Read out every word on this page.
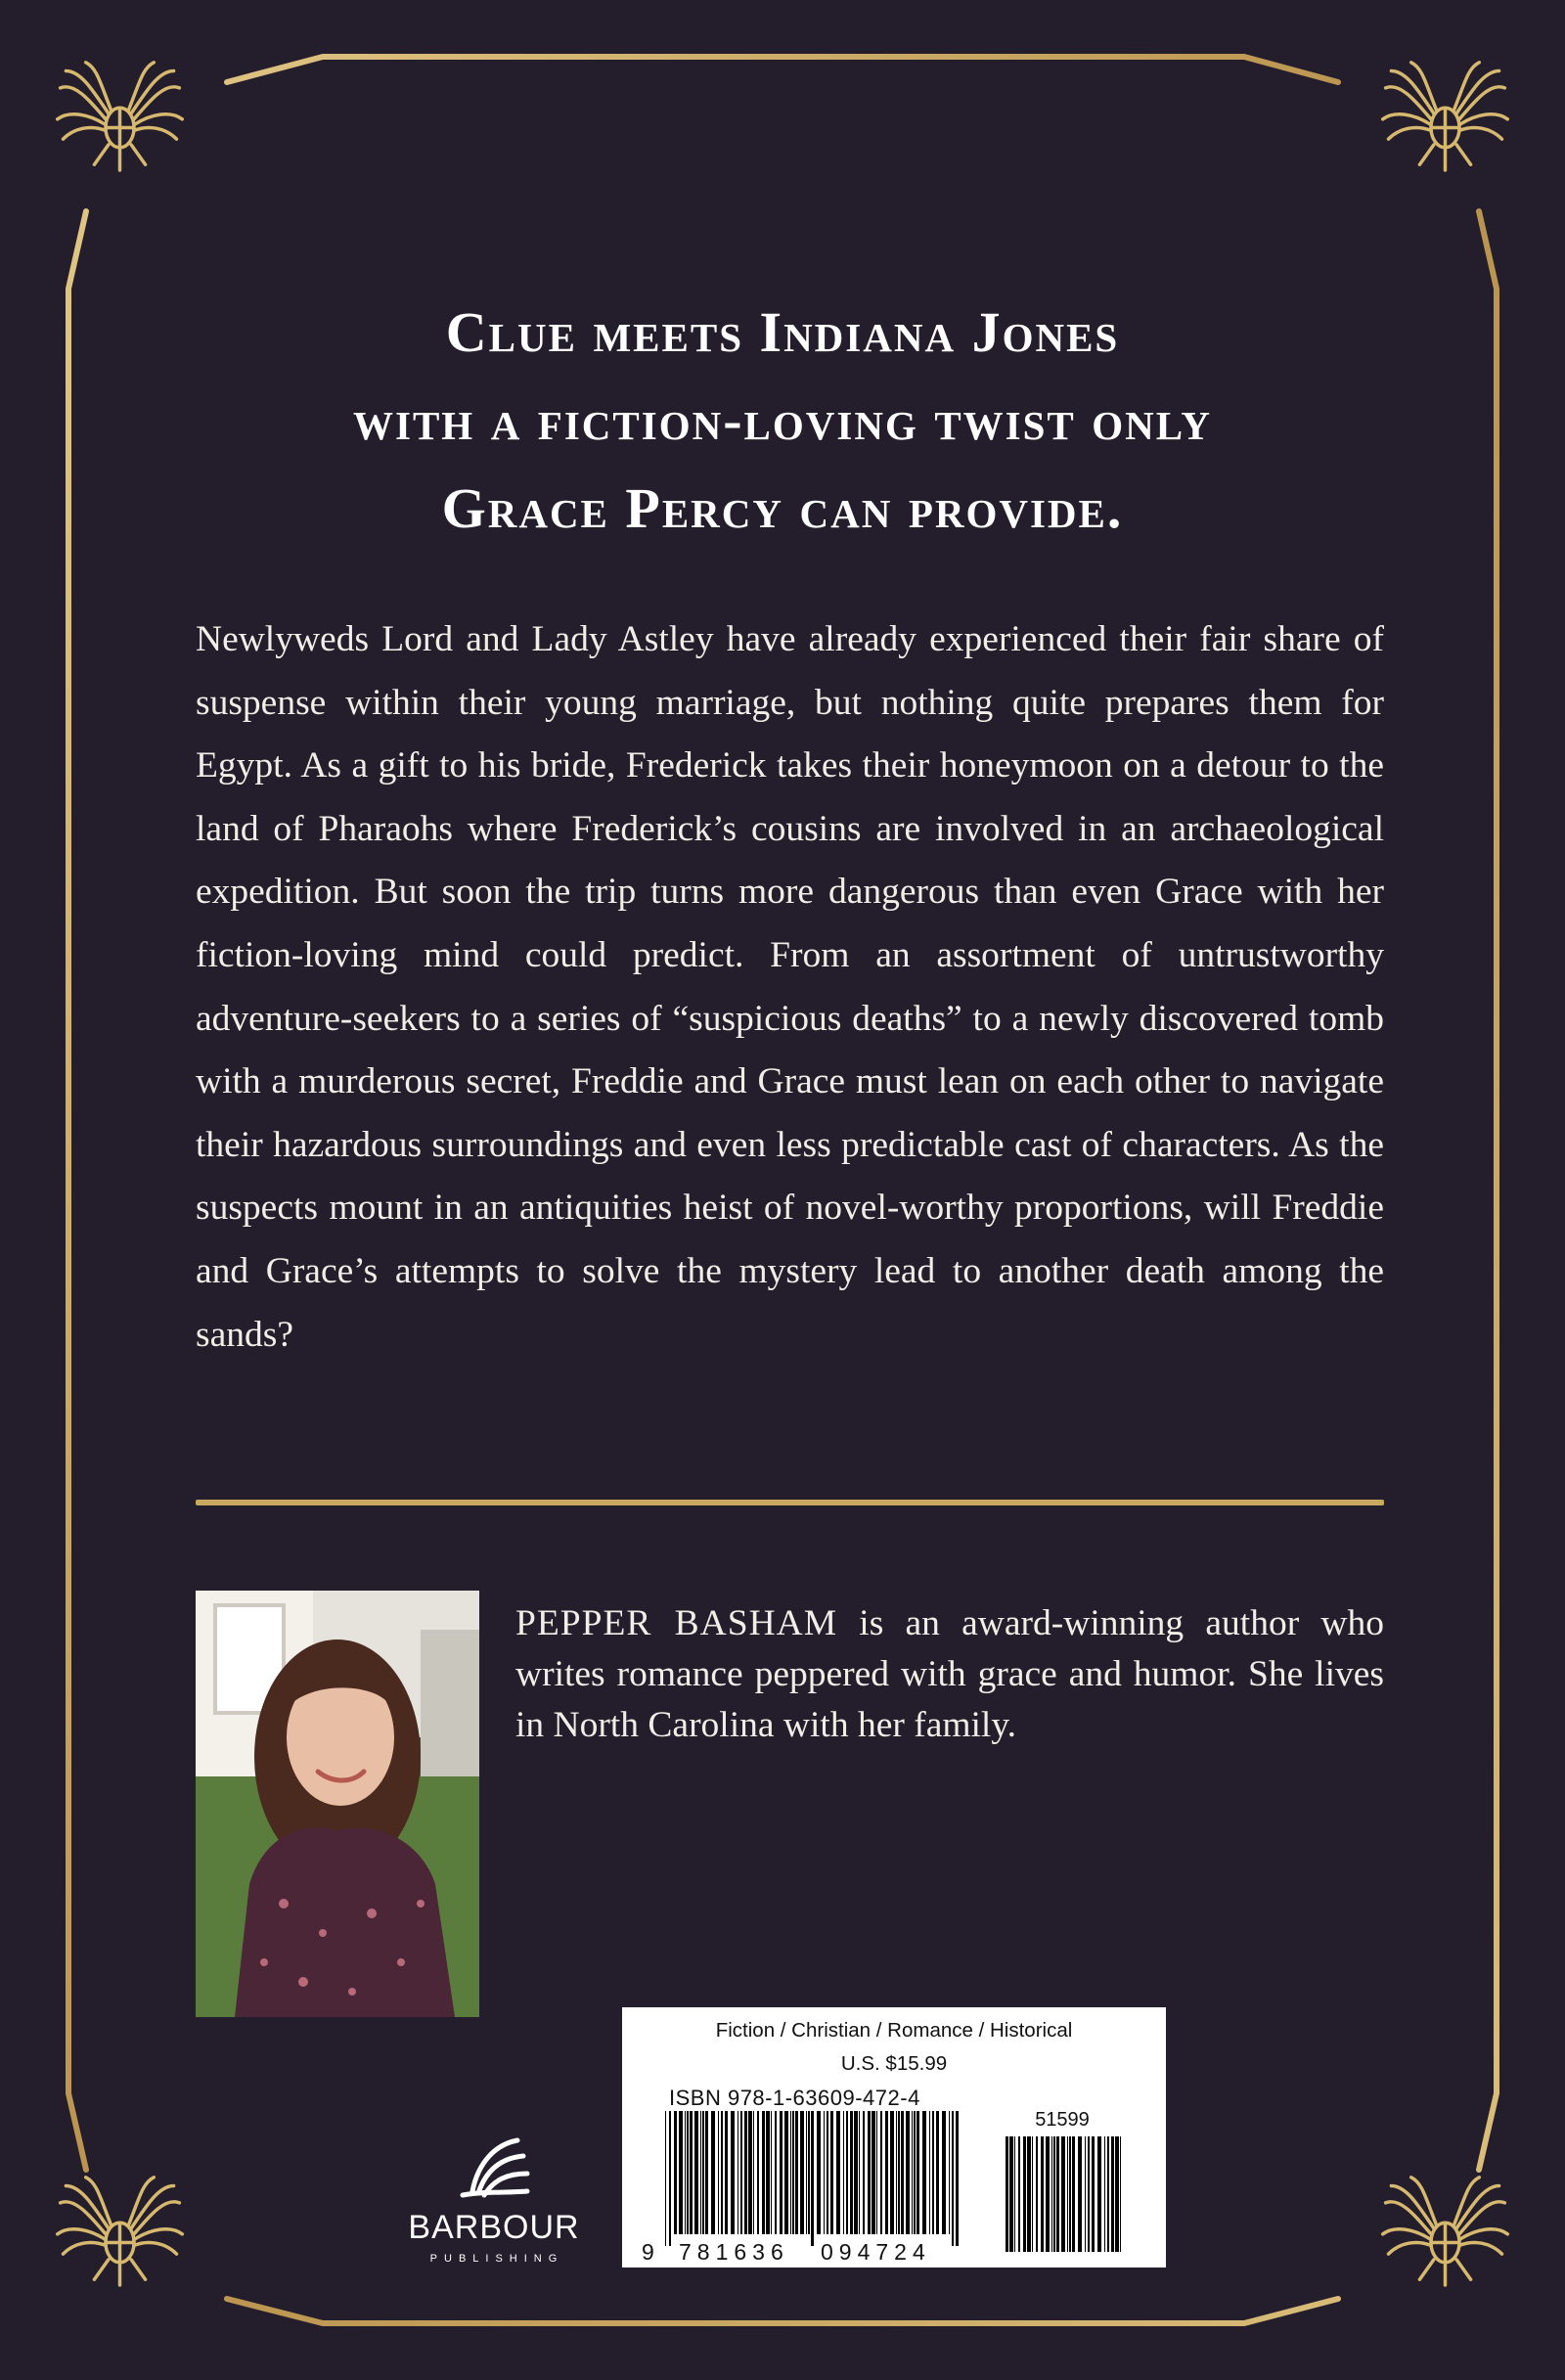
Clue meets Indiana Jones
with a fiction-loving twist only
Grace Percy can provide.

Newlyweds Lord and Lady Astley have already experienced their fair share of suspense within their young marriage, but nothing quite prepares them for Egypt. As a gift to his bride, Frederick takes their honeymoon on a detour to the land of Pharaohs where Frederick’s cousins are involved in an archaeological expedition. But soon the trip turns more dangerous than even Grace with her fiction-loving mind could predict. From an assortment of untrustworthy adventure-seekers to a series of “suspicious deaths” to a newly discovered tomb with a murderous secret, Freddie and Grace must lean on each other to navigate their hazardous surroundings and even less predictable cast of characters. As the suspects mount in an antiquities heist of novel-worthy proportions, will Freddie and Grace’s attempts to solve the mystery lead to another death among the sands?

PEPPER BASHAM is an award-winning author who writes romance peppered with grace and humor. She lives in North Carolina with her family.

BARBOUR
PUBLISHING
Fiction / Christian / Romance / Historical
U.S. $15.99
ISBN 978-1-63609-472-4
51599
9 781636 094724
